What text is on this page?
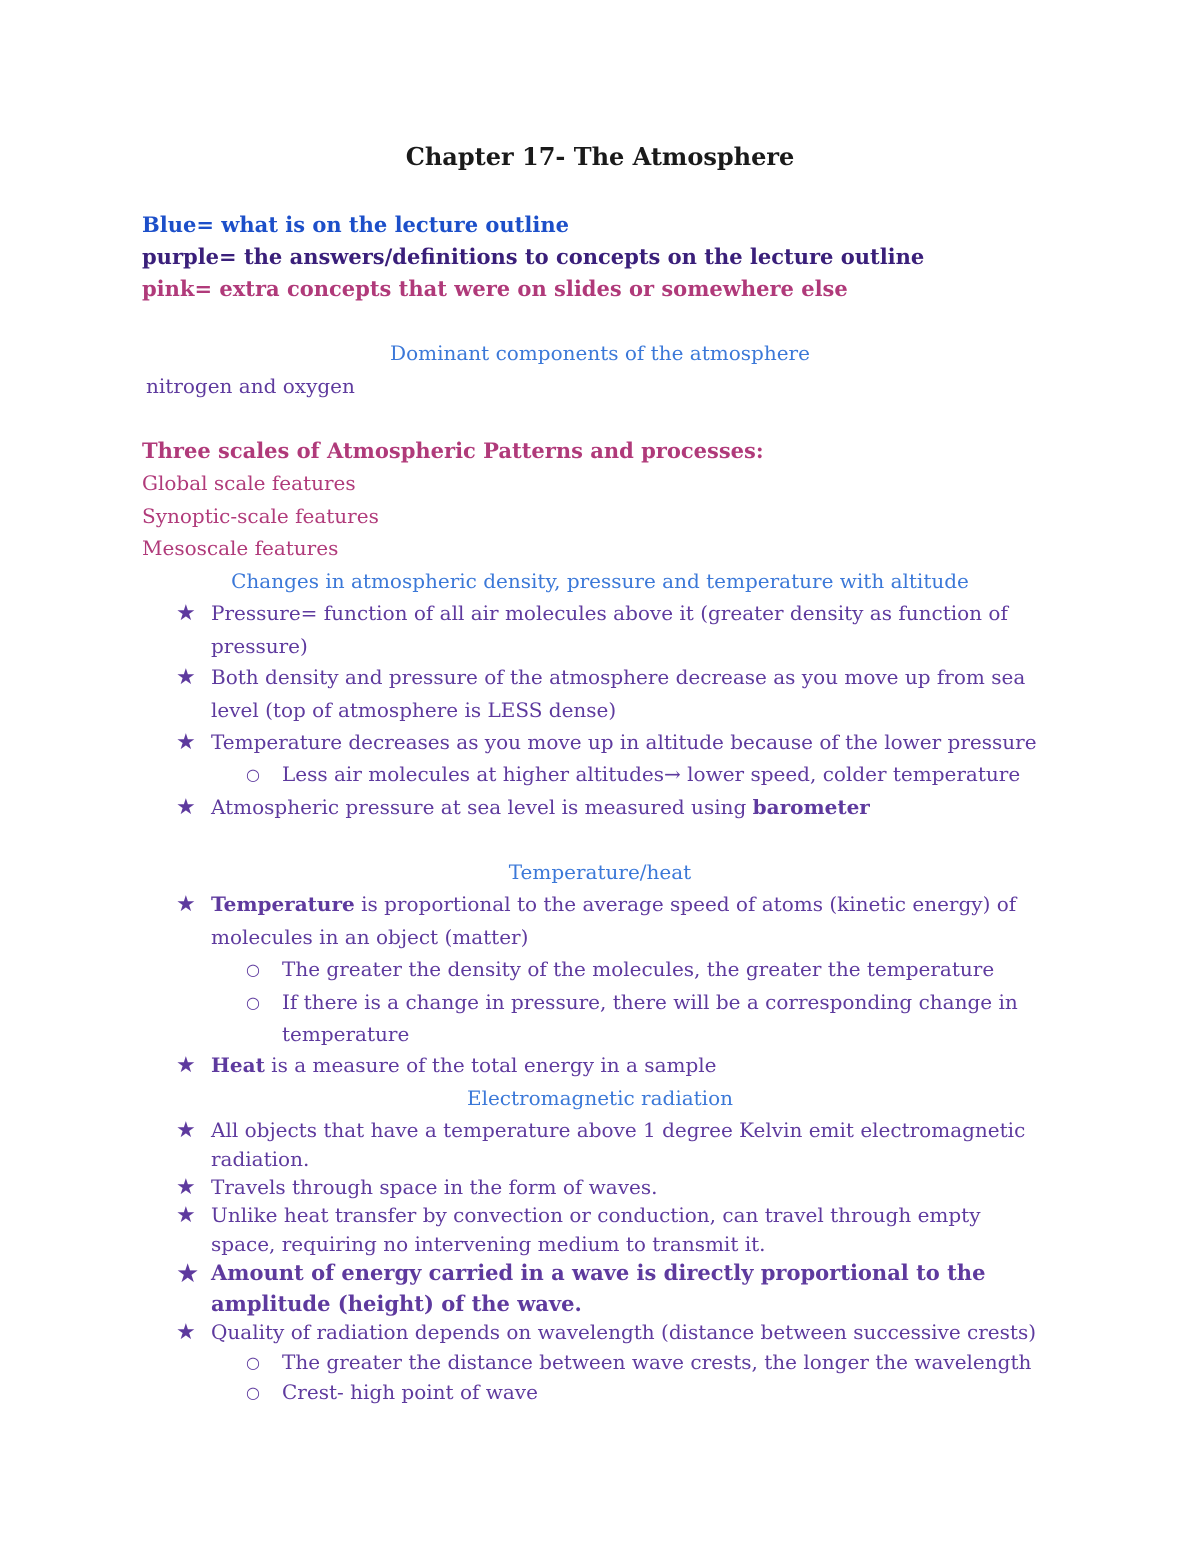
Chapter 17- The Atmosphere
Blue= what is on the lecture outline
purple= the answers/definitions to concepts on the lecture outline
pink= extra concepts that were on slides or somewhere else
Dominant components of the atmosphere
nitrogen and oxygen
Three scales of Atmospheric Patterns and processes:
Global scale features
Synoptic-scale features
Mesoscale features
Changes in atmospheric density, pressure and temperature with altitude
★ Pressure= function of all air molecules above it (greater density as function of
pressure)
★ Both density and pressure of the atmosphere decrease as you move up from sea
level (top of atmosphere is LESS dense)
★ Temperature decreases as you move up in altitude because of the lower pressure
○ Less air molecules at higher altitudes→ lower speed, colder temperature
★ Atmospheric pressure at sea level is measured using barometer
Temperature/heat
★ Temperature is proportional to the average speed of atoms (kinetic energy) of
molecules in an object (matter)
○ The greater the density of the molecules, the greater the temperature
○ If there is a change in pressure, there will be a corresponding change in
temperature
★ Heat is a measure of the total energy in a sample
Electromagnetic radiation
★ All objects that have a temperature above 1 degree Kelvin emit electromagnetic
radiation.
★ Travels through space in the form of waves.
★ Unlike heat transfer by convection or conduction, can travel through empty
space, requiring no intervening medium to transmit it.
★ Amount of energy carried in a wave is directly proportional to the
amplitude (height) of the wave.
★ Quality of radiation depends on wavelength (distance between successive crests)
○ The greater the distance between wave crests, the longer the wavelength
○ Crest- high point of wave
